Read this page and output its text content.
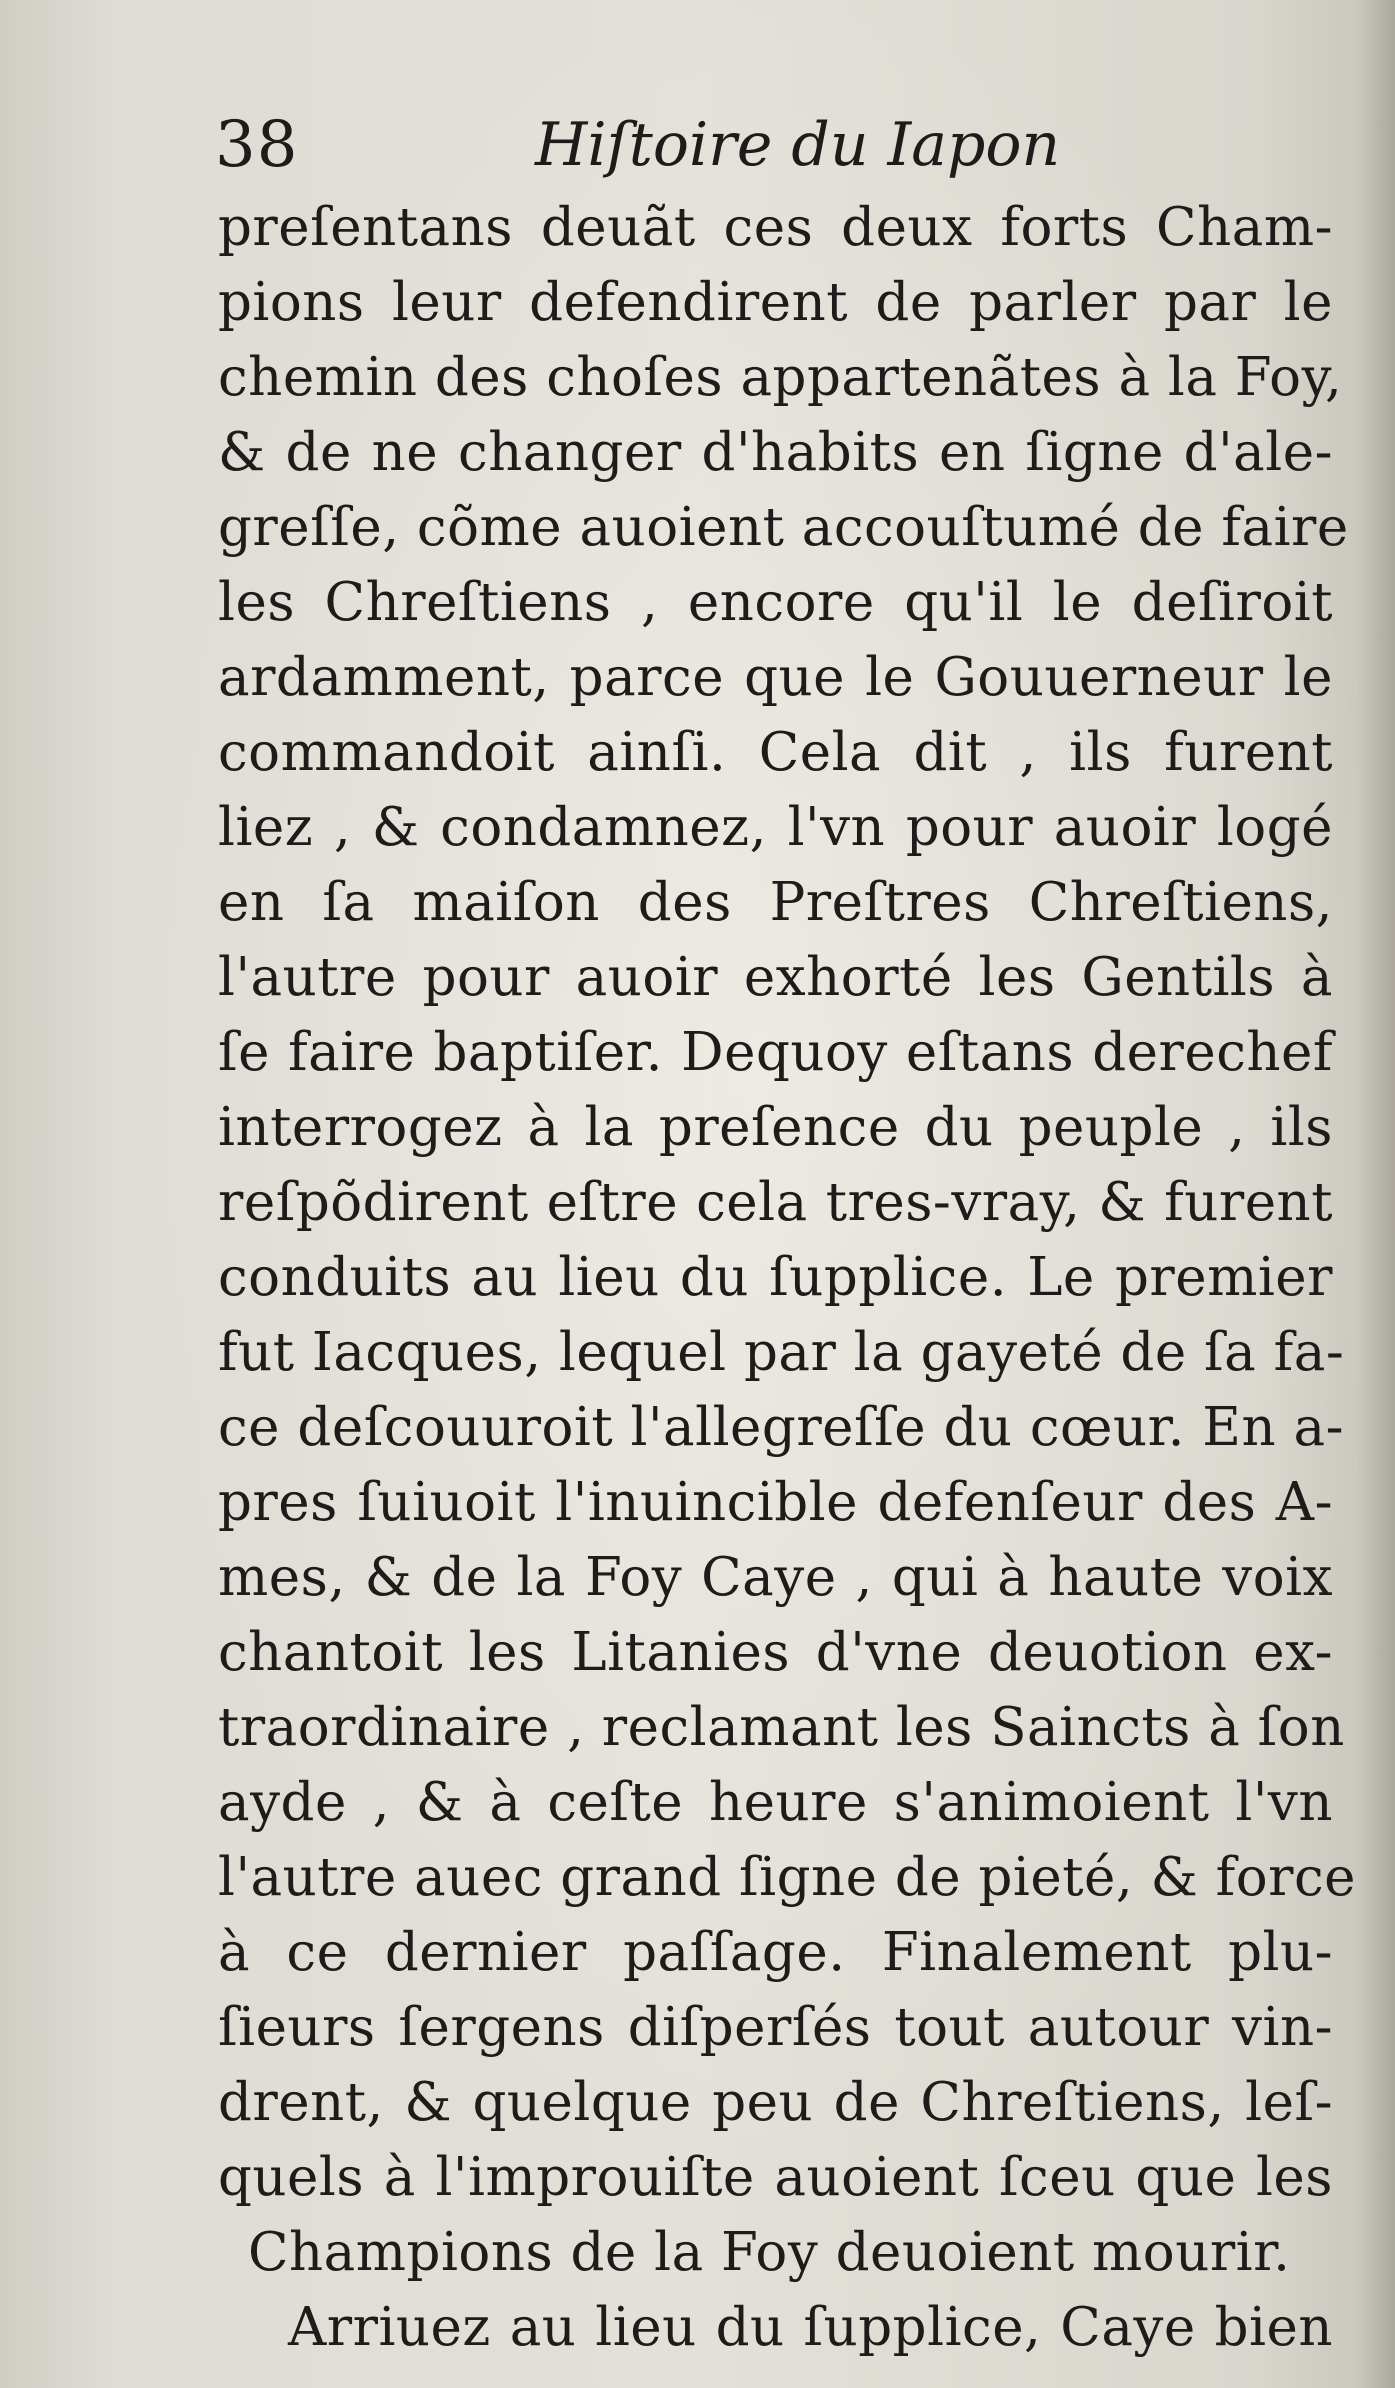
38	Hiſtoire du Iapon
preſentans deuãt ces deux forts Cham-
pions leur defendirent de parler par le
chemin des choſes appartenãtes à la Foy,
& de ne changer d'habits en ſigne d'ale-
greſſe, cõme auoient accouſtumé de faire
les Chreſtiens , encore qu'il le deſiroit
ardamment, parce que le Gouuerneur le
commandoit ainſi. Cela dit , ils furent
liez , & condamnez, l'vn pour auoir logé
en ſa maiſon des Preſtres Chreſtiens,
l'autre pour auoir exhorté les Gentils à
ſe faire baptiſer. Dequoy eſtans derechef
interrogez à la preſence du peuple , ils
reſpõdirent eſtre cela tres-vray, & furent
conduits au lieu du ſupplice. Le premier
fut Iacques, lequel par la gayeté de ſa fa-
ce deſcouuroit l'allegreſſe du cœur. En a-
pres ſuiuoit l'inuincible defenſeur des A-
mes, & de la Foy Caye , qui à haute voix
chantoit les Litanies d'vne deuotion ex-
traordinaire , reclamant les Saincts à ſon
ayde , & à ceſte heure s'animoient l'vn
l'autre auec grand ſigne de pieté, & force
à ce dernier paſſage. Finalement plu-
ſieurs ſergens diſperſés tout autour vin-
drent, & quelque peu de Chreſtiens, leſ-
quels à l'improuiſte auoient ſceu que les
Champions de la Foy deuoient mourir.
Arriuez au lieu du ſupplice, Caye bien
